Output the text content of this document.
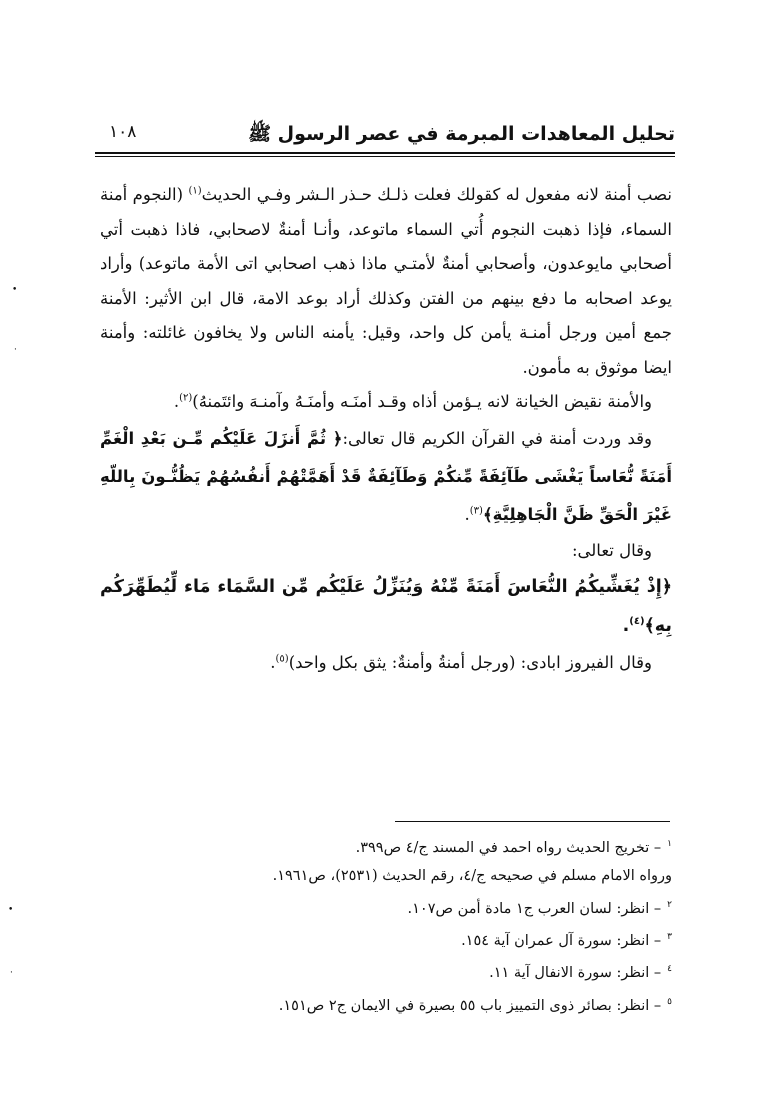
تحليل المعاهدات المبرمة في عصر الرسول ﷺ
١٠٨

نصب أمنة لانه مفعول له كقولك فعلت ذلـك حـذر الـشر وفـي الحديث$^{(١)}$ (النجوم أمنة السماء، فإذا ذهبت النجوم أُتي السماء ماتوعد، وأنـا أمنةٌ لاصحابي، فاذا ذهبت أتي أصحابي مايوعدون، وأصحابي أمنةٌ لأمتـي ماذا ذهب اصحابي اتى الأمة ماتوعد) وأراد يوعد اصحابه ما دفع بينهم من الفتن وكذلك أراد بوعد الامة، قال ابن الأثير: الأمنة جمع أمين ورجل أمنـة يأمن كل واحد، وقيل: يأمنه الناس ولا يخافون غائلته: وأمنة ايضا موثوق به مأمون.

والأمنة نقيض الخيانة لانه يـؤمن أذاه وقـد أمنَـه وأمنَـهُ وآمنـهَ وائتَمنهُ)$^{(٢)}$.

وقد وردت أمنة في القرآن الكريم قال تعالى:﴿ ثُمَّ أَنزَلَ عَلَيْكُم مِّـن بَعْدِ الْغَمِّ أَمَنَةً نُّعَاساً يَغْشَى طَآئِفَةً مِّنكُمْ وَطَآئِفَةٌ قَدْ أَهَمَّتْهُمْ أَنفُسُهُمْ يَظُنُّـونَ بِاللّهِ غَيْرَ الْحَقِّ ظَنَّ الْجَاهِلِيَّةِ﴾$^{(٣)}$.

وقال تعالى:

﴿إِذْ يُغَشِّيكُمُ النُّعَاسَ أَمَنَةً مِّنْهُ وَيُنَزِّلُ عَلَيْكُم مِّن السَّمَاء مَاء لِّيُطَهِّرَكُم بِهِ﴾$^{(٤)}$.

وقال الفيروز ابادى: (ورجل أمنةُ وأمنةٌ: يثق بكل واحد)$^{(٥)}$.

$^١$– تخريج الحديث رواه احمد في المسند ج/٤ ص٣٩٩.

ورواه الامام مسلم في صحيحه ج/٤، رقم الحديث (٢٥٣١)، ص١٩٦١.

$^٢$– انظر: لسان العرب ج١ مادة أمن ص١٠٧.

$^٣$– انظر: سورة آل عمران آية ١٥٤.

$^٤$– انظر: سورة الانفال آية ١١.

$^٥$– انظر: بصائر ذوى التمييز باب ٥٥ بصيرة في الايمان ج٢ ص١٥١.

•
·
•
·
